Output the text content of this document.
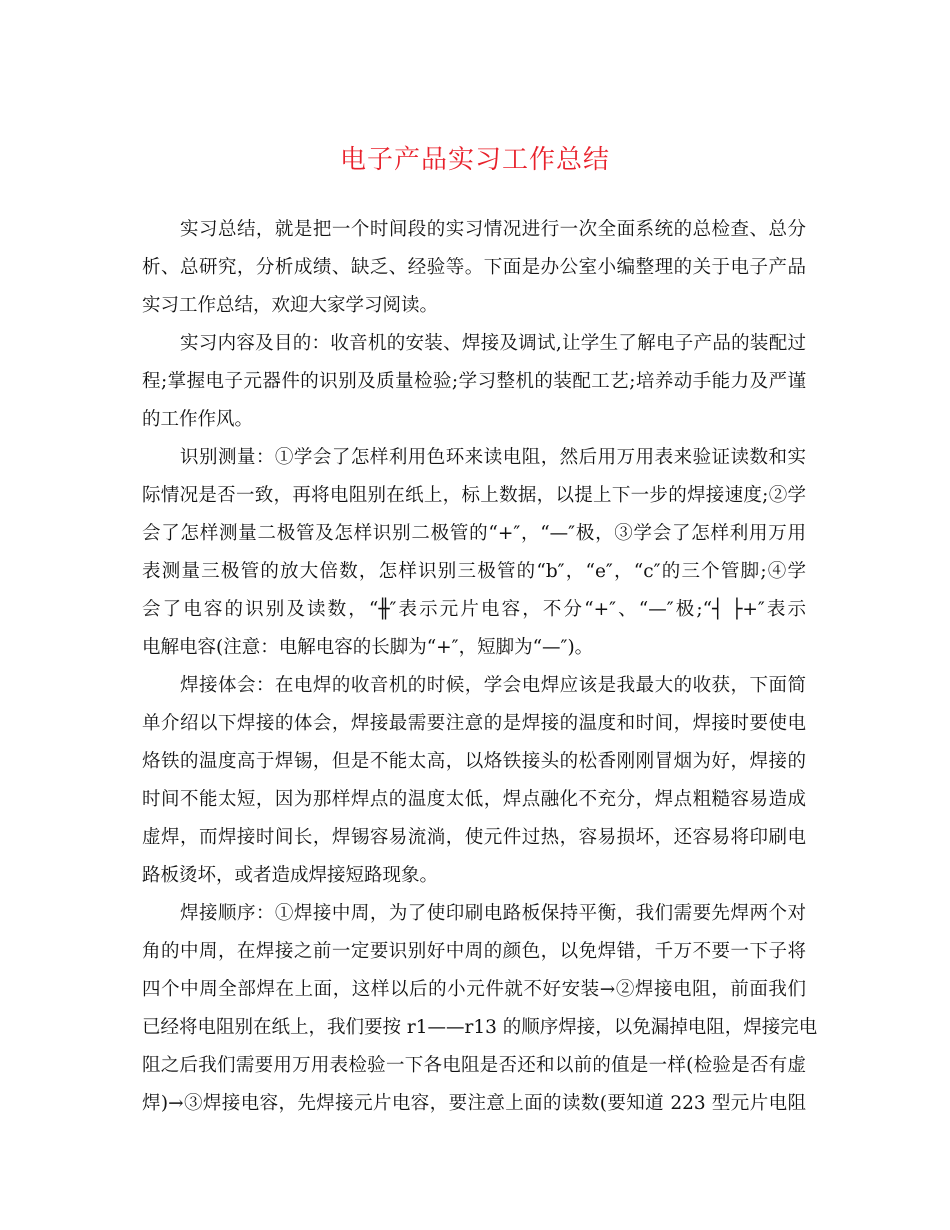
电子产品实习工作总结
实习总结，就是把一个时间段的实习情况进行一次全面系统的总检查、总分
析、总研究，分析成绩、缺乏、经验等。下面是办公室小编整理的关于电子产品
实习工作总结，欢迎大家学习阅读。
实习内容及目的：收音机的安装、焊接及调试,让学生了解电子产品的装配过
程;掌握电子元器件的识别及质量检验;学习整机的装配工艺;培养动手能力及严谨
的工作作风。
识别测量：①学会了怎样利用色环来读电阻，然后用万用表来验证读数和实
际情况是否一致，再将电阻别在纸上，标上数据，以提上下一步的焊接速度;②学
会了怎样测量二极管及怎样识别二极管的“+″，“—″极，③学会了怎样利用万用
表测量三极管的放大倍数，怎样识别三极管的“b″，“e″，“c″的三个管脚;④学
会了电容的识别及读数，“╫″表示元片电容，不分“+″、“—″极;“┤ ├+″表示
电解电容(注意：电解电容的长脚为“+″，短脚为“—″)。
焊接体会：在电焊的收音机的时候，学会电焊应该是我最大的收获，下面简
单介绍以下焊接的体会，焊接最需要注意的是焊接的温度和时间，焊接时要使电
烙铁的温度高于焊锡，但是不能太高，以烙铁接头的松香刚刚冒烟为好，焊接的
时间不能太短，因为那样焊点的温度太低，焊点融化不充分，焊点粗糙容易造成
虚焊，而焊接时间长，焊锡容易流淌，使元件过热，容易损坏，还容易将印刷电
路板烫坏，或者造成焊接短路现象。
焊接顺序：①焊接中周，为了使印刷电路板保持平衡，我们需要先焊两个对
角的中周，在焊接之前一定要识别好中周的颜色，以免焊错，千万不要一下子将
四个中周全部焊在上面，这样以后的小元件就不好安装→②焊接电阻，前面我们
已经将电阻别在纸上，我们要按 r1——r13 的顺序焊接，以免漏掉电阻，焊接完电
阻之后我们需要用万用表检验一下各电阻是否还和以前的值是一样(检验是否有虚
焊)→③焊接电容，先焊接元片电容，要注意上面的读数(要知道 223 型元片电阻
